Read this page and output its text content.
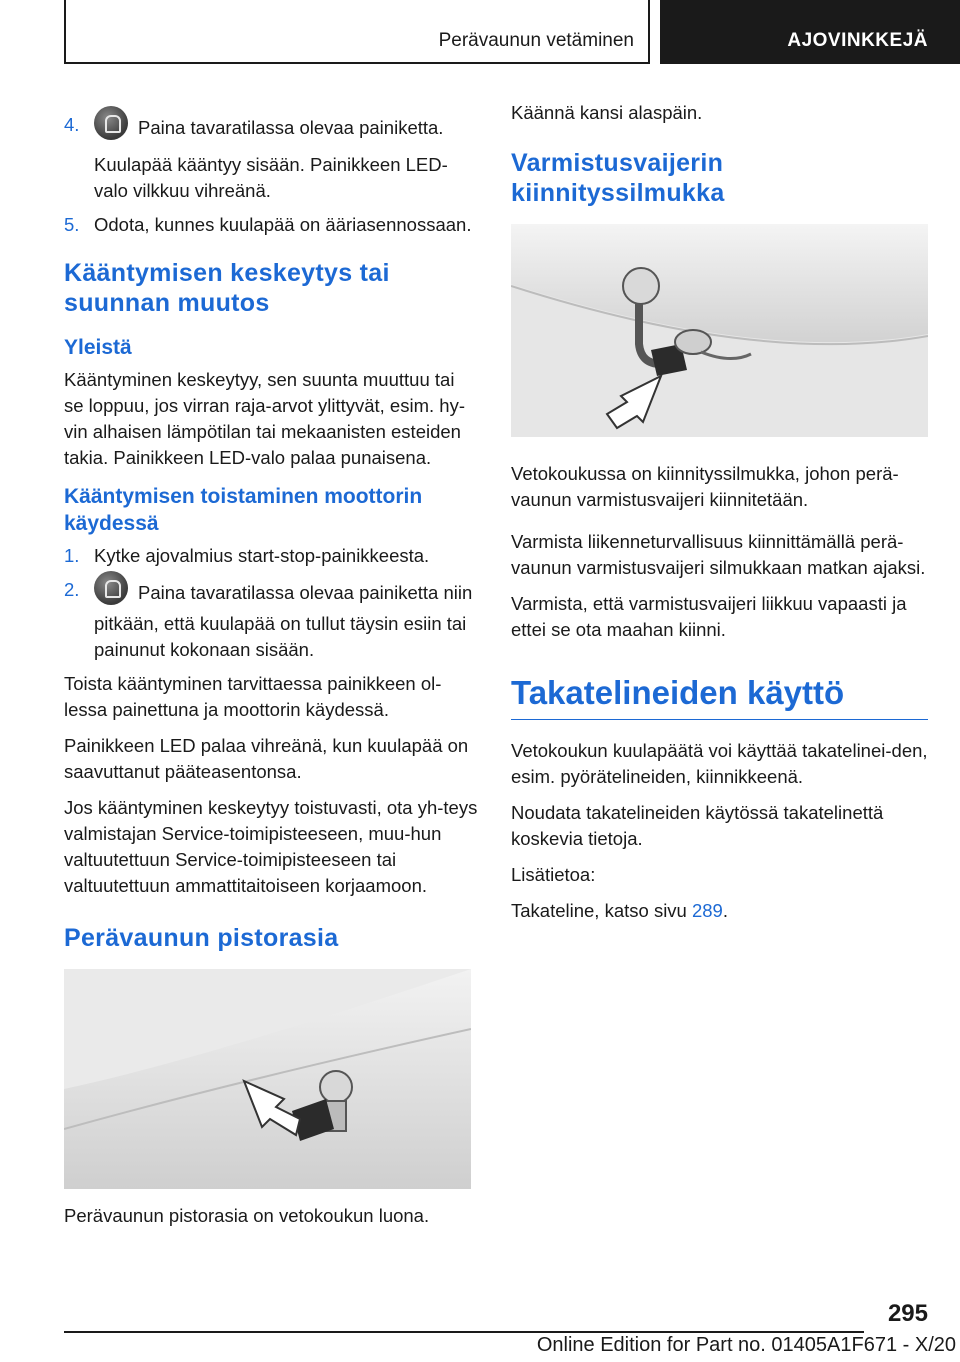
Perävaunun vetäminen	AJOVINKKEJÄ
4.	Paina tavaratilassa olevaa painiketta.
Kuulapää kääntyy sisään. Painikkeen LED-valo vilkkuu vihreänä.
5. Odota, kunnes kuulapää on ääriasennossaan.
Kääntymisen keskeytys tai suunnan muutos
Yleistä

Kääntyminen keskeytyy, sen suunta muuttuu tai se loppuu, jos virran raja-arvot ylittyvät, esim. hy-vin alhaisen lämpötilan tai mekaanisten esteiden takia. Painikkeen LED-valo palaa punaisena.

Kääntymisen toistaminen moottorin käydessä
1. Kytke ajovalmius start-stop-painikkeesta.
2.	Paina tavaratilassa olevaa painiketta niin pitkään, että kuulapää on tullut täysin esiin tai painunut kokonaan sisään.

Toista kääntyminen tarvittaessa painikkeen ol-lessa painettuna ja moottorin käydessä.

Painikkeen LED palaa vihreänä, kun kuulapää on saavuttanut pääteasentonsa.

Jos kääntyminen keskeytyy toistuvasti, ota yh-teys valmistajan Service-toimipisteeseen, muu-hun valtuutettuun Service-toimipisteeseen tai valtuutettuun ammattitaitoiseen korjaamoon.

Perävaunun pistorasia

Perävaunun pistorasia on vetokoukun luona.

Käännä kansi alaspäin.

Varmistusvaijerin kiinnityssilmukka

Vetokoukussa on kiinnityssilmukka, johon perä-vaunun varmistusvaijeri kiinnitetään.

Varmista liikenneturvallisuus kiinnittämällä perä-vaunun varmistusvaijeri silmukkaan matkan ajaksi.

Varmista, että varmistusvaijeri liikkuu vapaasti ja ettei se ota maahan kiinni.

Takatelineiden käyttö

Vetokoukun kuulapäätä voi käyttää takatelinei-den, esim. pyörätelineiden, kiinnikkeenä.

Noudata takatelineiden käytössä takatelinettä koskevia tietoja.

Lisätietoa:

Takateline, katso sivu 289.

295
Online Edition for Part no. 01405A1F671 - X/20
